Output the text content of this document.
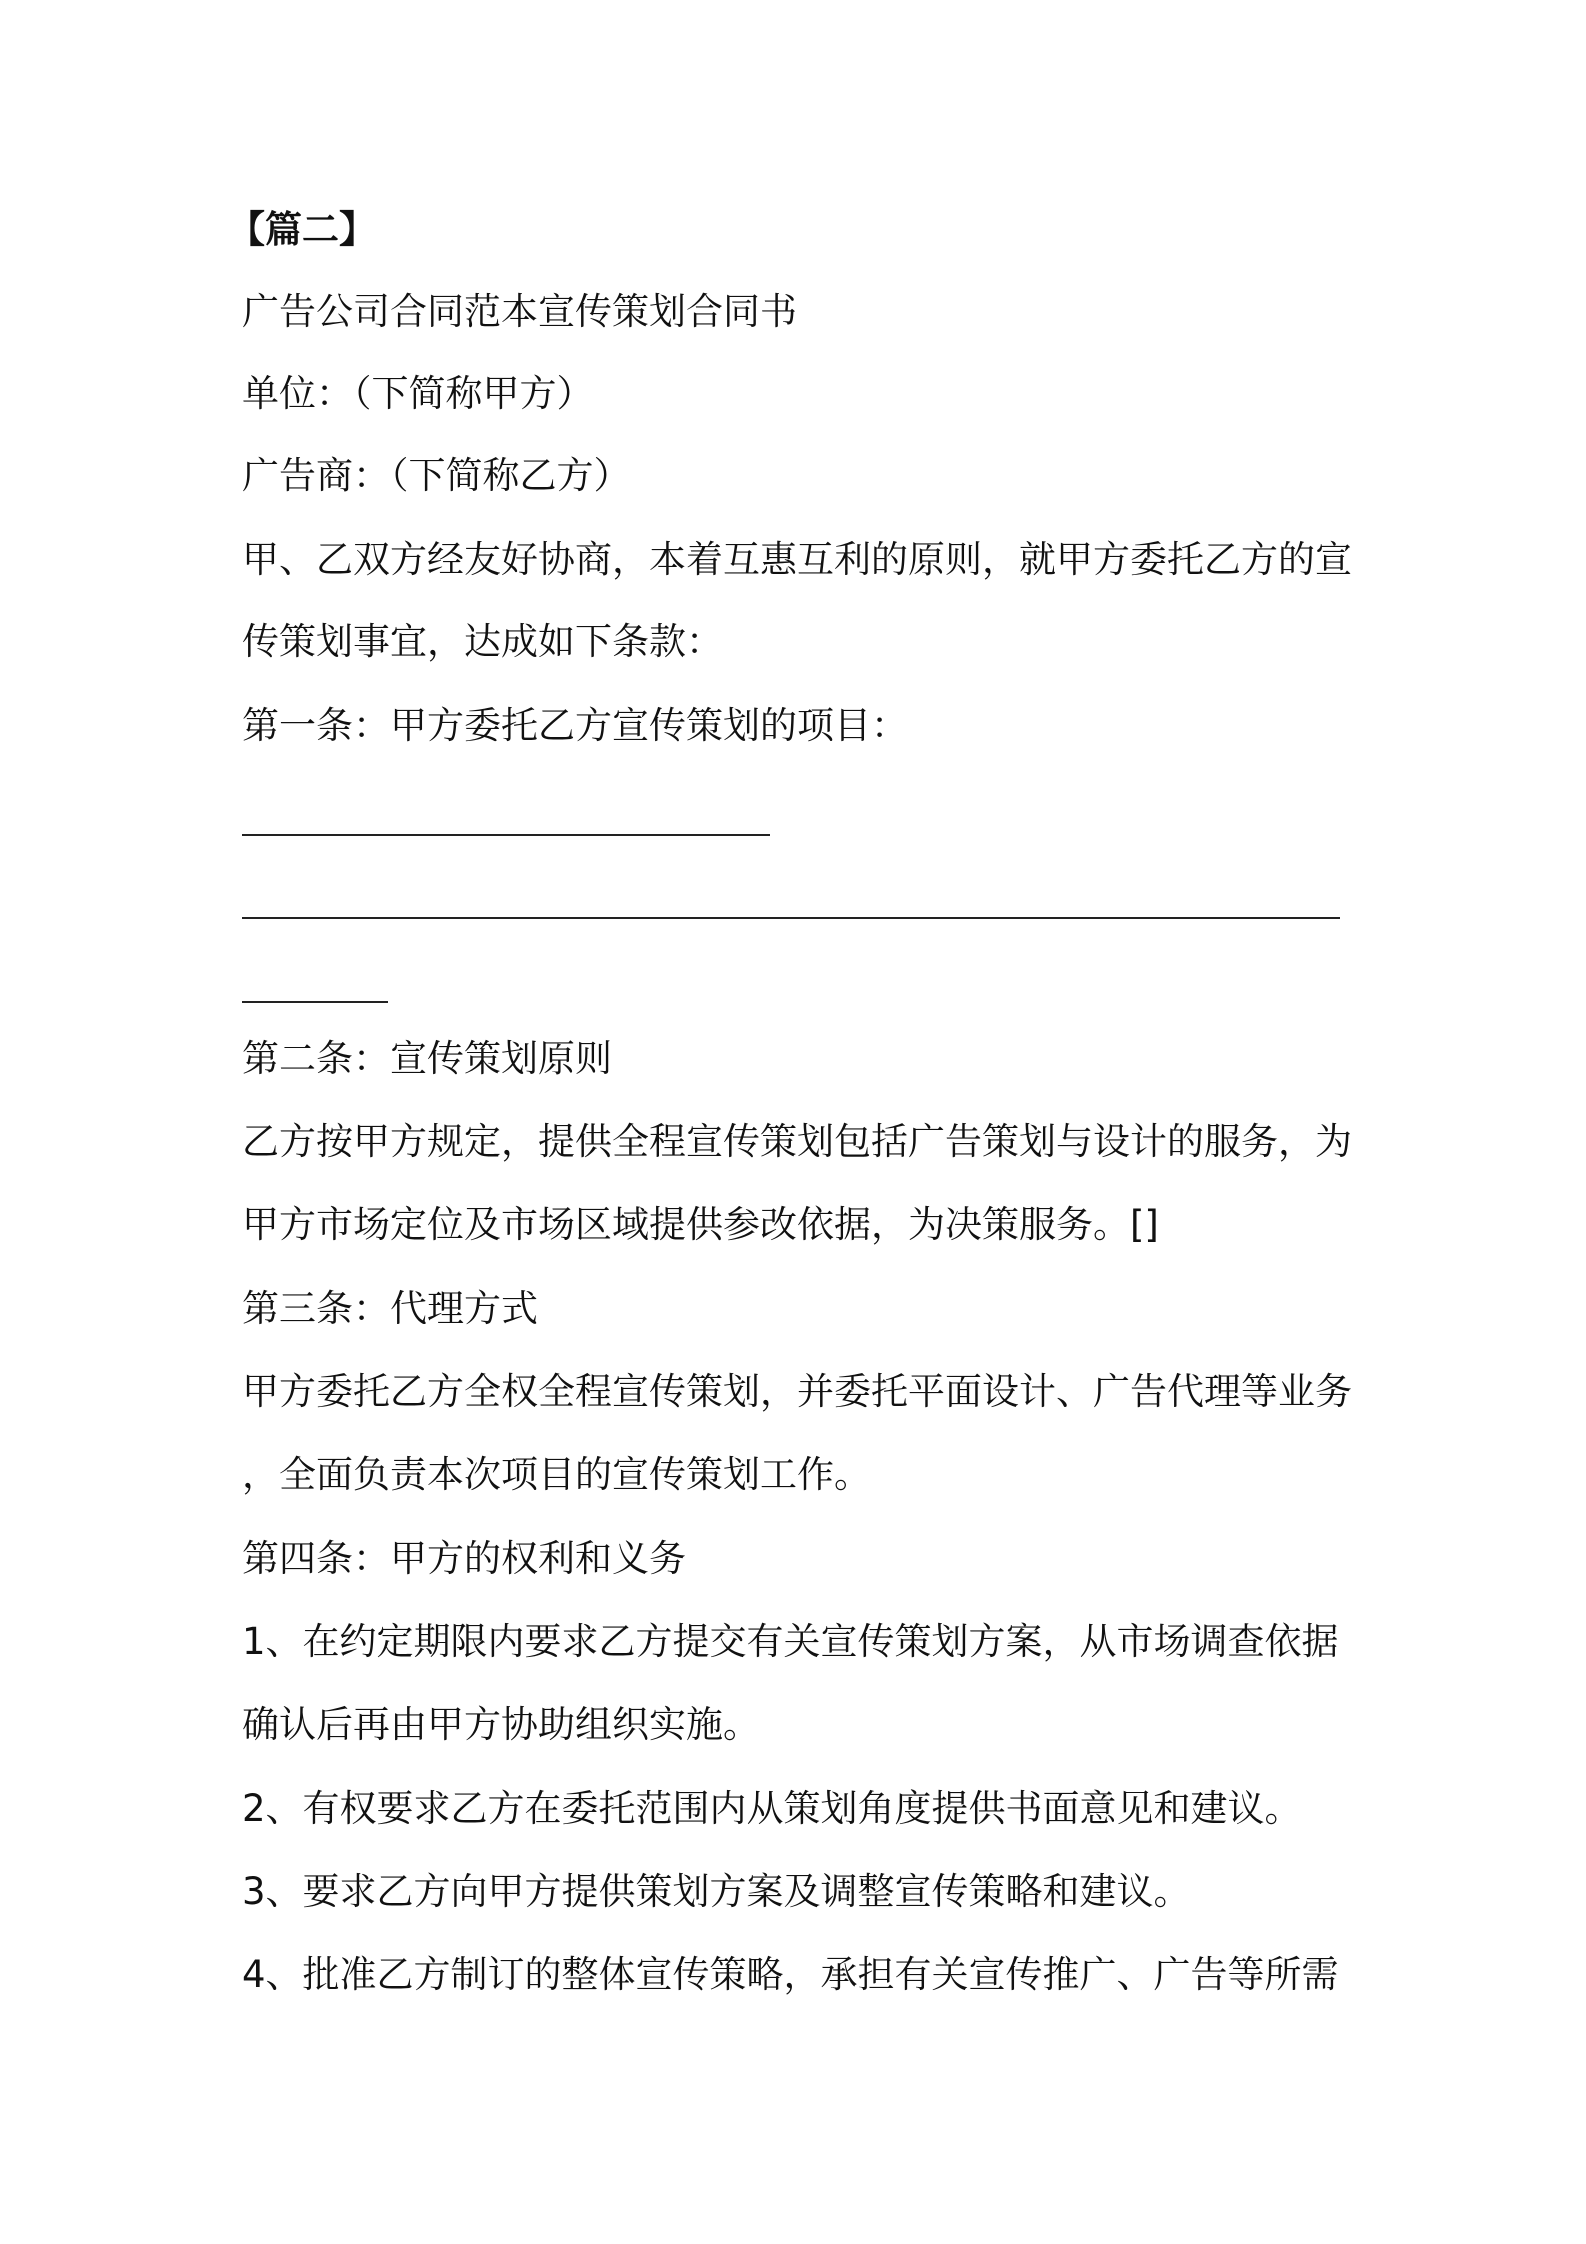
【篇二】
广告公司合同范本宣传策划合同书
单位：（下简称甲方）
广告商：（下简称乙方）
甲、乙双方经友好协商，本着互惠互利的原则，就甲方委托乙方的宣
传策划事宜，达成如下条款：
第一条：甲方委托乙方宣传策划的项目：
第二条：宣传策划原则
乙方按甲方规定，提供全程宣传策划包括广告策划与设计的服务，为
甲方市场定位及市场区域提供参改依据，为决策服务。[]
第三条：代理方式
甲方委托乙方全权全程宣传策划，并委托平面设计、广告代理等业务
，全面负责本次项目的宣传策划工作。
第四条：甲方的权利和义务
1、在约定期限内要求乙方提交有关宣传策划方案，从市场调查依据
确认后再由甲方协助组织实施。
2、有权要求乙方在委托范围内从策划角度提供书面意见和建议。
3、要求乙方向甲方提供策划方案及调整宣传策略和建议。
4、批准乙方制订的整体宣传策略，承担有关宣传推广、广告等所需
